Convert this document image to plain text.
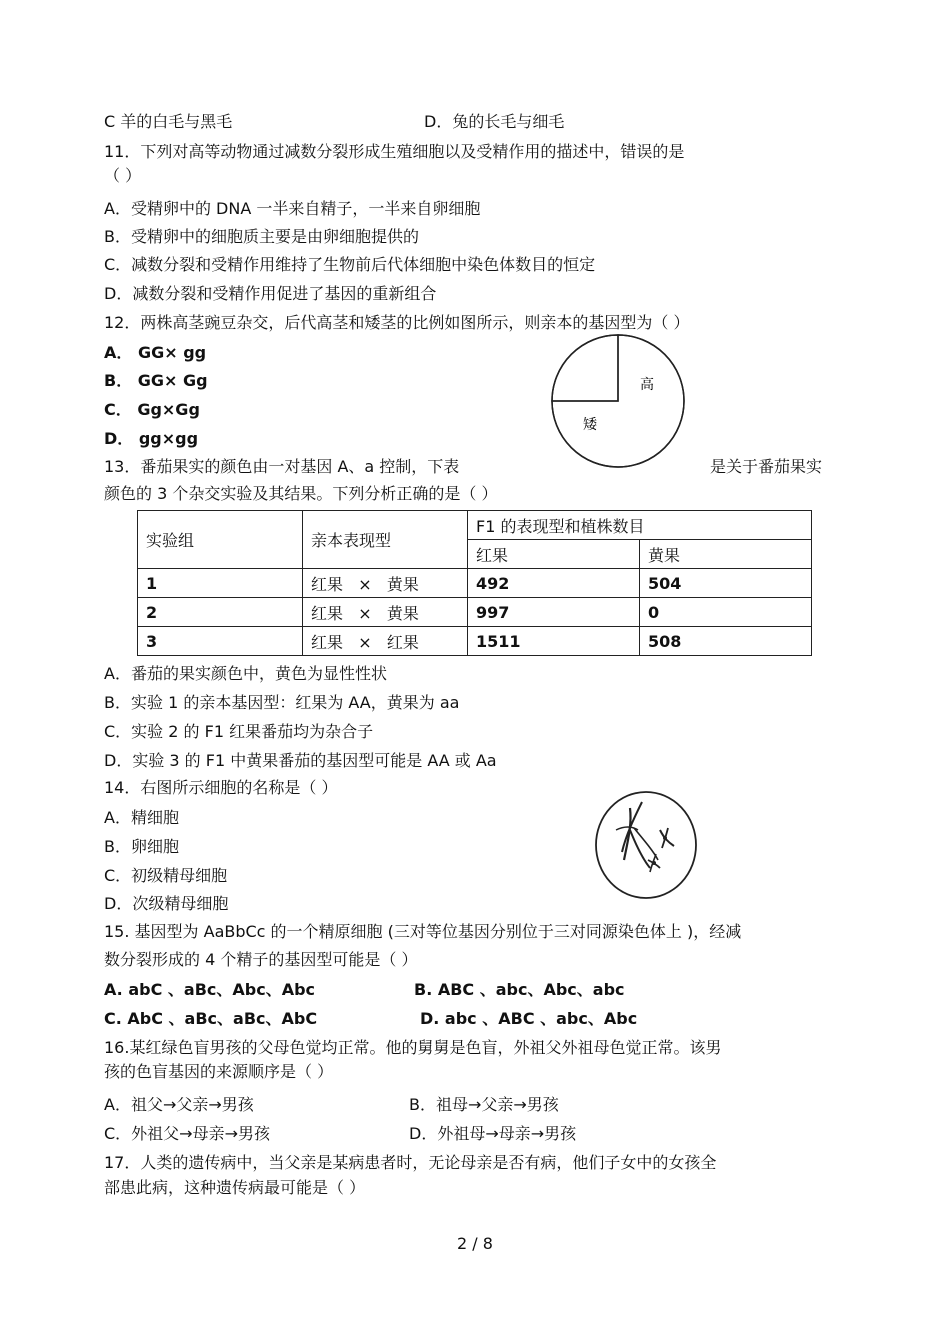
C 羊的白毛与黑毛	D．兔的长毛与细毛
11．下列对高等动物通过减数分裂形成生殖细胞以及受精作用的描述中，错误的是
（ ）
A．受精卵中的 DNA 一半来自精子，一半来自卵细胞
B．受精卵中的细胞质主要是由卵细胞提供的
C．减数分裂和受精作用维持了生物前后代体细胞中染色体数目的恒定
D．减数分裂和受精作用促进了基因的重新组合
12．两株高茎豌豆杂交，后代高茎和矮茎的比例如图所示，则亲本的基因型为（ ）
A． GG× gg
B． GG× Gg
C． Gg×Gg
D． gg×gg
高
矮
13．番茄果实的颜色由一对基因 A、a 控制，下表	是关于番茄果实
颜色的 3 个杂交实验及其结果。下列分析正确的是（ ）
实验组	亲本表现型	F1 的表现型和植株数目	
		红果	黄果
1	红果   ×   黄果	492	504
2	红果   ×   黄果	997	0
3	红果   ×   红果	1511	508
A．番茄的果实颜色中，黄色为显性性状
B．实验 1 的亲本基因型：红果为 AA，黄果为 aa
C．实验 2 的 F1 红果番茄均为杂合子
D．实验 3 的 F1 中黄果番茄的基因型可能是 AA 或 Aa
14．右图所示细胞的名称是（ ）
A．精细胞
B．卵细胞
C．初级精母细胞
D．次级精母细胞
15. 基因型为 AaBbCc 的一个精原细胞 (三对等位基因分别位于三对同源染色体上 )，经减
数分裂形成的 4 个精子的基因型可能是（ ）
A. abC 、aBc、Abc、Abc	B. ABC 、abc、Abc、abc
C. AbC 、aBc、aBc、AbC	D. abc 、ABC 、abc、Abc
16.某红绿色盲男孩的父母色觉均正常。他的舅舅是色盲，外祖父外祖母色觉正常。该男
孩的色盲基因的来源顺序是（ ）
A．祖父→父亲→男孩	B．祖母→父亲→男孩
C．外祖父→母亲→男孩	D．外祖母→母亲→男孩
17．人类的遗传病中，当父亲是某病患者时，无论母亲是否有病，他们子女中的女孩全
部患此病，这种遗传病最可能是（ ）
2 / 8
